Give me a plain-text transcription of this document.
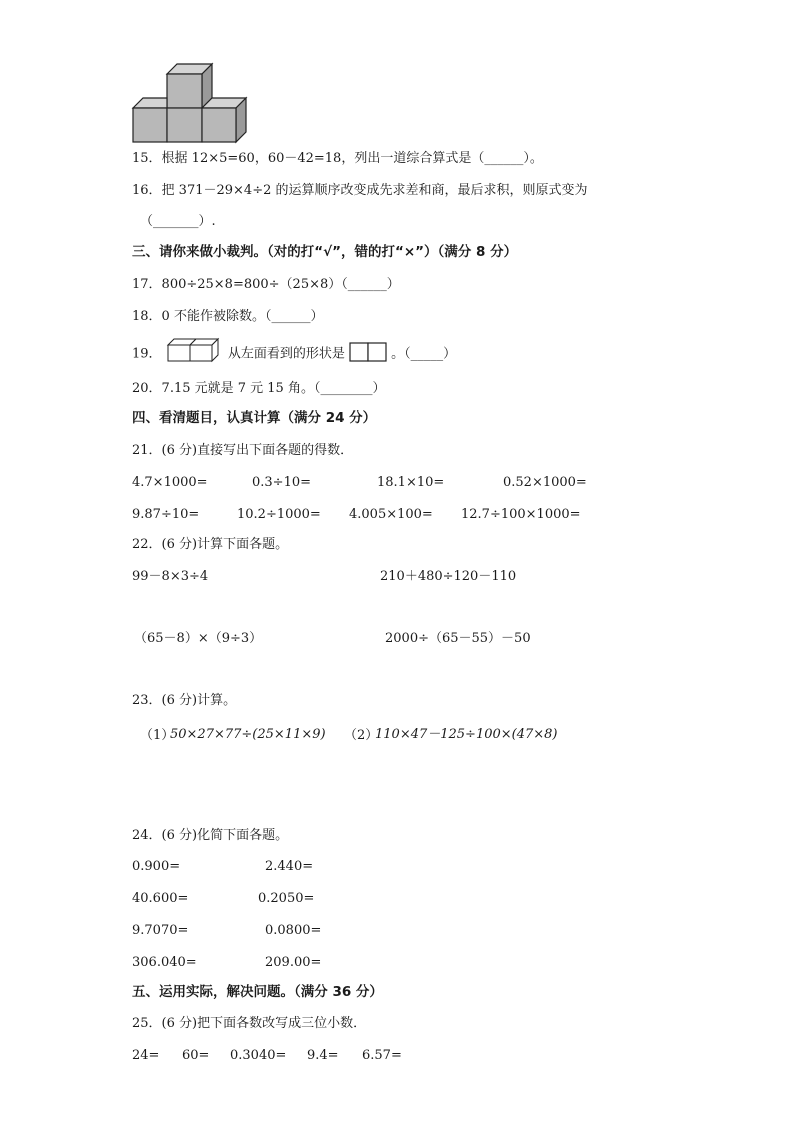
15．根据 12×5=60，60－42=18，列出一道综合算式是（______）。
16．把 371－29×4÷2 的运算顺序改变成先求差和商，最后求积，则原式变为
（_______）.
三、请你来做小裁判。（对的打“√”，错的打“×”）（满分 8 分）
17．800÷25×8=800÷（25×8）（______）
18．0 不能作被除数。（______）
19．	从左面看到的形状是	。（_____）
20．7.15 元就是 7 元 15 角。（________）
四、看清题目，认真计算（满分 24 分）
21．(6 分)直接写出下面各题的得数．
4.7×1000=	0.3÷10=	18.1×10=	0.52×1000=
9.87÷10=	10.2÷1000= 4.005×100= 12.7÷100×1000=
22．(6 分)计算下面各题。
99－8×3÷4	210＋480÷120－110
（65－8）×（9÷3）	2000÷（65－55）－50
23．(6 分)计算。
（1）
50×27×77÷(25×11×9) （2）
110×47－125÷100×(47×8)
24．(6 分)化简下面各题。
0.900=	2.440=
40.600=	0.2050=
9.7070=	0.0800=
306.040=	209.00=
五、运用实际，解决问题。（满分 36 分）
25．(6 分)把下面各数改写成三位小数．
24= 60= 0.3040= 9.4= 6.57=
